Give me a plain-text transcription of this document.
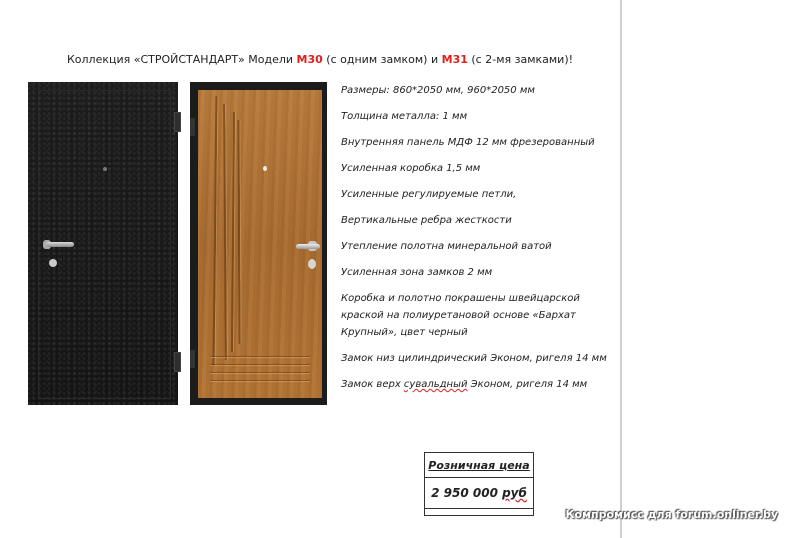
Коллекция «СТРОЙСТАНДАРТ» Модели М30 (с одним замком) и М31 (с 2-мя замками)!
Размеры: 860*2050 мм, 960*2050 мм
Толщина металла: 1 мм
Внутренняя панель МДФ 12 мм фрезерованный
Усиленная коробка 1,5 мм
Усиленные регулируемые петли,
Вертикальные ребра жесткости
Утепление полотна минеральной ватой
Усиленная зона замков 2 мм
Коробка и полотно покрашены швейцарской краской на полиуретановой основе «Бархат Крупный», цвет черный
Замок низ цилиндрический Эконом, ригеля 14 мм
Замок верх сувальдный Эконом, ригеля 14 мм
Розничная цена
2 950 000 руб

Компромисс для forum.onliner.by
